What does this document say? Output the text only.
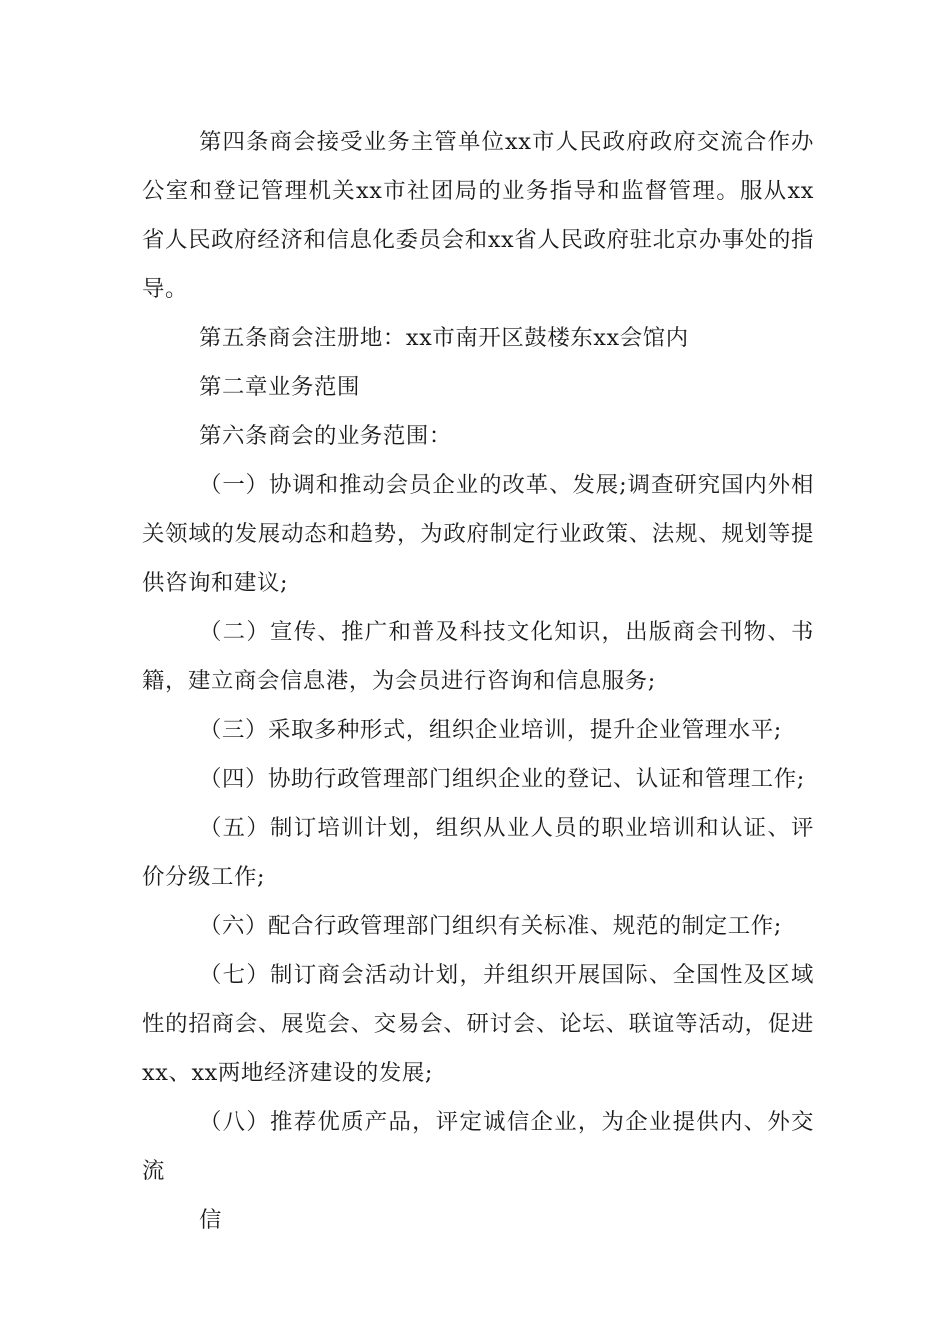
第四条商会接受业务主管单位xx市人民政府政府交流合作办公室和登记管理机关xx市社团局的业务指导和监督管理。服从xx省人民政府经济和信息化委员会和xx省人民政府驻北京办事处的指导。

第五条商会注册地：xx市南开区鼓楼东xx会馆内

第二章业务范围

第六条商会的业务范围：

（一）协调和推动会员企业的改革、发展;调查研究国内外相关领域的发展动态和趋势，为政府制定行业政策、法规、规划等提供咨询和建议;

（二）宣传、推广和普及科技文化知识，出版商会刊物、书籍，建立商会信息港，为会员进行咨询和信息服务;

（三）采取多种形式，组织企业培训，提升企业管理水平;

（四）协助行政管理部门组织企业的登记、认证和管理工作;

（五）制订培训计划，组织从业人员的职业培训和认证、评价分级工作;

（六）配合行政管理部门组织有关标准、规范的制定工作;

（七）制订商会活动计划，并组织开展国际、全国性及区域性的招商会、展览会、交易会、研讨会、论坛、联谊等活动，促进xx、xx两地经济建设的发展;

（八）推荐优质产品，评定诚信企业，为企业提供内、外交流

信
